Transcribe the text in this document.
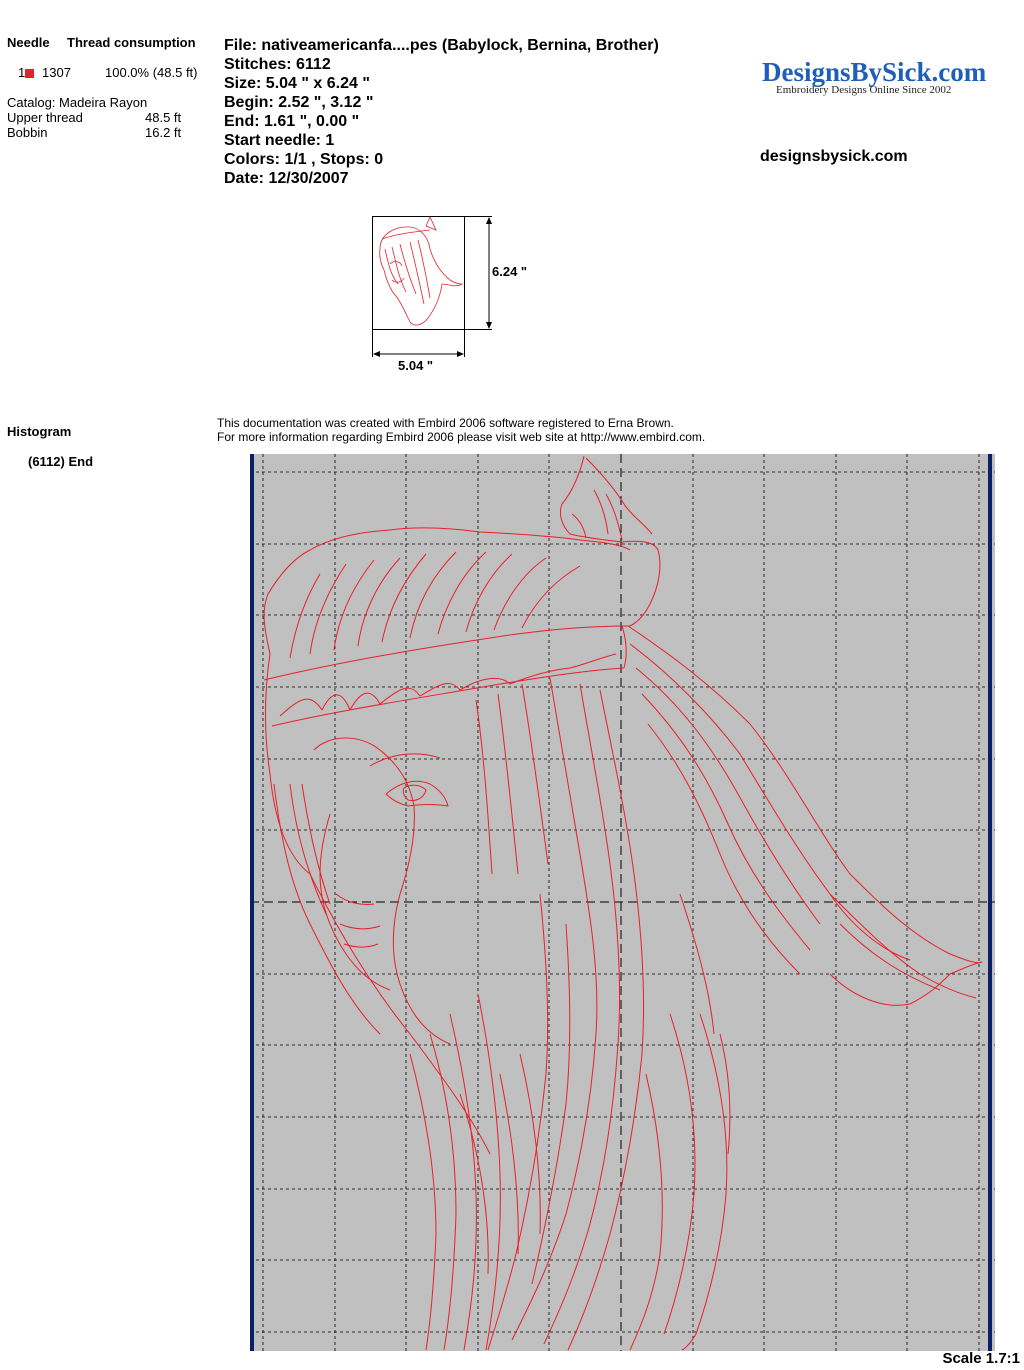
Needle Thread consumption
1	1307	100.0% (48.5 ft)
Catalog: Madeira Rayon
Upper thread	48.5 ft
Bobbin	16.2 ft
File: nativeamericanfa....pes (Babylock, Bernina, Brother)
Stitches: 6112
Size: 5.04 " x 6.24 "
Begin: 2.52 ", 3.12 "
End: 1.61 ", 0.00 "
Start needle: 1
Colors: 1/1 , Stops: 0
Date: 12/30/2007
DesignsBySick.com
Embroidery Designs Online Since 2002
designsbysick.com
6.24 "
5.04 "
Histogram
(6112) End
This documentation was created with Embird 2006 software registered to Erna Brown.
For more information regarding Embird 2006 please visit web site at http://www.embird.com.
Scale 1.7:1
